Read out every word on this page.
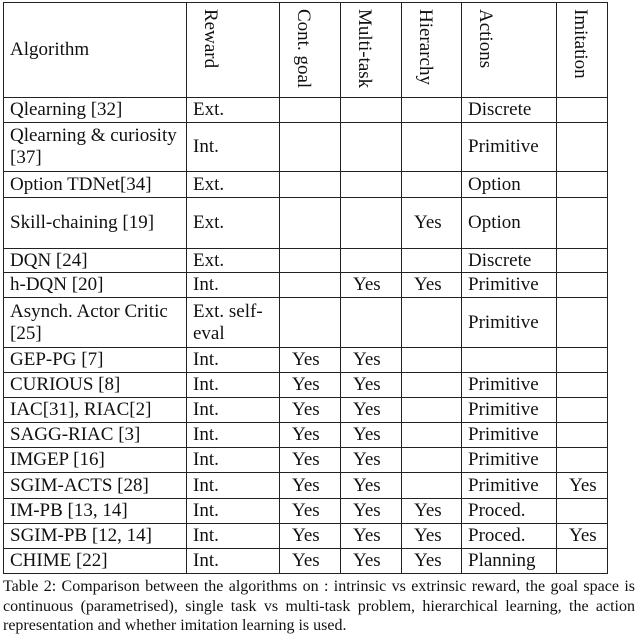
Algorithm	Reward	Cont. goal	Multi-task	Hierarchy	Actions	Imitation
Qlearning [32]	Ext.				Discrete	
Qlearning & curiosity [37]	Int.				Primitive	
Option TDNet[34]	Ext.				Option	
Skill-chaining [19]	Ext.			Yes	Option	
DQN [24]	Ext.				Discrete	
h-DQN [20]	Int.		Yes	Yes	Primitive	
Asynch. Actor Critic [25]	Ext. self-eval				Primitive	
GEP-PG [7]	Int.	Yes	Yes			
CURIOUS [8]	Int.	Yes	Yes		Primitive	
IAC[31], RIAC[2]	Int.	Yes	Yes		Primitive	
SAGG-RIAC [3]	Int.	Yes	Yes		Primitive	
IMGEP [16]	Int.	Yes	Yes		Primitive	
SGIM-ACTS [28]	Int.	Yes	Yes		Primitive	Yes
IM-PB [13, 14]	Int.	Yes	Yes	Yes	Proced.	
SGIM-PB [12, 14]	Int.	Yes	Yes	Yes	Proced.	Yes
CHIME [22]	Int.	Yes	Yes	Yes	Planning	
Table 2: Comparison between the algorithms on : intrinsic vs extrinsic reward, the goal space is continuous (parametrised), single task vs multi-task problem, hierarchical learning, the action representation and whether imitation learning is used.
